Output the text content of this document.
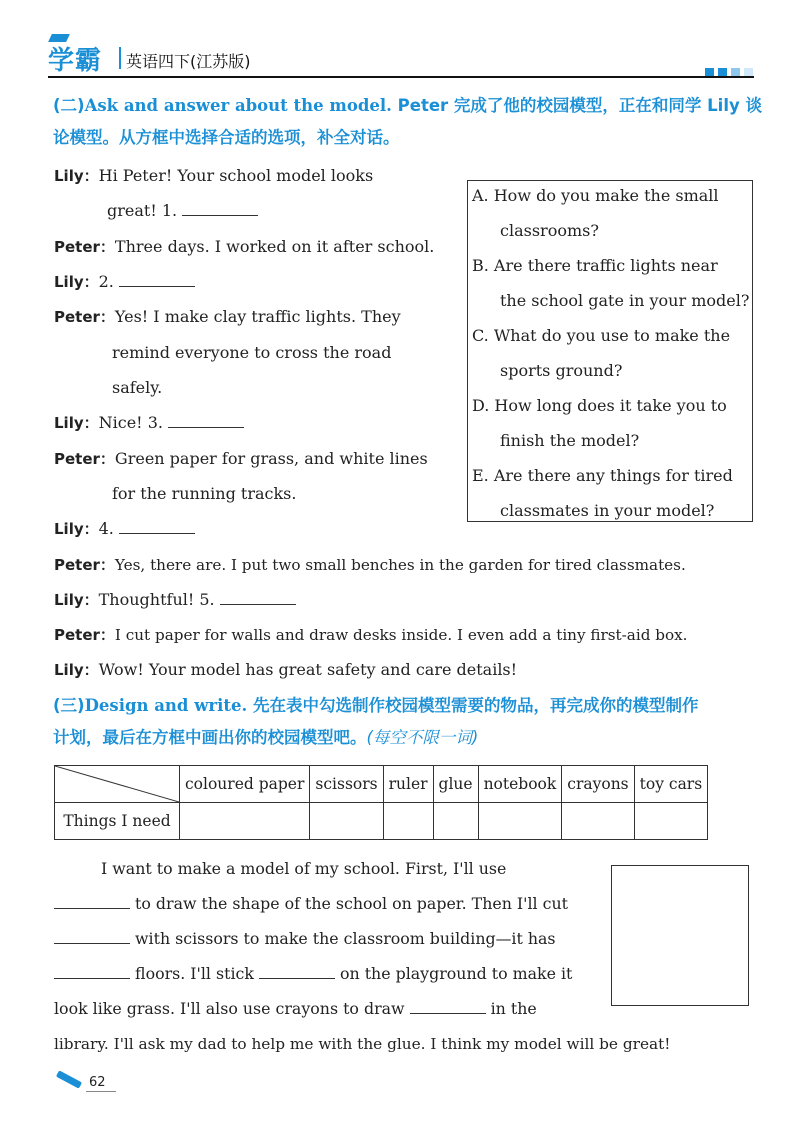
学霸 英语四下(江苏版)
(二)Ask and answer about the model. Peter 完成了他的校园模型，正在和同学 Lily 谈
论模型。从方框中选择合适的选项，补全对话。
Lily：Hi Peter! Your school model looks
great! 1.
Peter：Three days. I worked on it after school.
Lily：2.
Peter：Yes! I make clay traffic lights. They
remind everyone to cross the road
safely.
Lily：Nice! 3.
Peter：Green paper for grass, and white lines
for the running tracks.
Lily：4.
Peter：Yes, there are. I put two small benches in the garden for tired classmates.
Lily：Thoughtful! 5.
Peter：I cut paper for walls and draw desks inside. I even add a tiny first-aid box.
Lily：Wow! Your model has great safety and care details!
A. How do you make the small
classrooms?
B. Are there traffic lights near
the school gate in your model?
C. What do you use to make the
sports ground?
D. How long does it take you to
finish the model?
E. Are there any things for tired
classmates in your model?
(三)Design and write. 先在表中勾选制作校园模型需要的物品，再完成你的模型制作
计划，最后在方框中画出你的校园模型吧。(每空不限一词)
	coloured paper	scissors	ruler	glue	notebook	crayons	toy cars
Things I need							
I want to make a model of my school. First, I'll use
to draw the shape of the school on paper. Then I'll cut
with scissors to make the classroom building—it has
floors. I'll stick	on the playground to make it
look like grass. I'll also use crayons to draw	in the
library. I'll ask my dad to help me with the glue. I think my model will be great!
62
